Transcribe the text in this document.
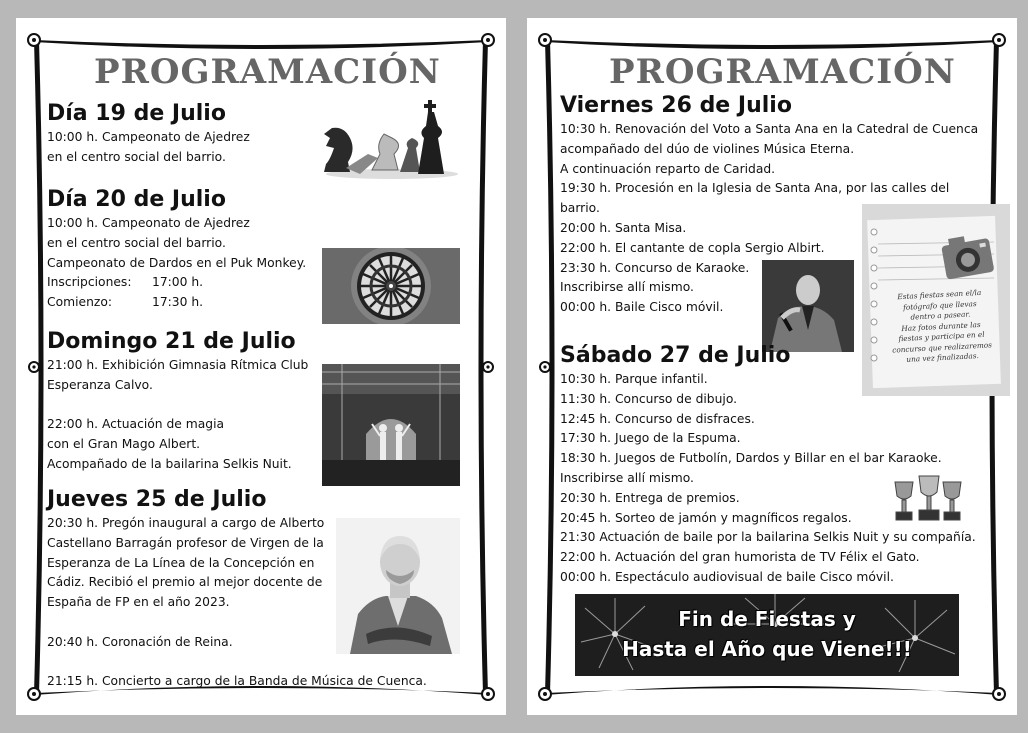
PROGRAMACIÓN
Día 19 de Julio

10:00 h. Campeonato de Ajedrez

en el centro social del barrio.

Día 20 de Julio

10:00 h. Campeonato de Ajedrez

en el centro social del barrio.

Campeonato de Dardos en el Puk Monkey.

Inscripciones: 17:00 h.

Comienzo:	17:30 h.

Domingo 21 de Julio

21:00 h. Exhibición Gimnasia Rítmica Club

Esperanza Calvo.

22:00 h. Actuación de magia

con el Gran Mago Albert.

Acompañado de la bailarina Selkis Nuit.

Jueves 25 de Julio

20:30 h. Pregón inaugural a cargo de Alberto

Castellano Barragán profesor de Virgen de la

Esperanza de La Línea de la Concepción en

Cádiz. Recibió el premio al mejor docente de

España de FP en el año 2023.

20:40 h. Coronación de Reina.

21:15 h. Concierto a cargo de la Banda de Música de Cuenca.

PROGRAMACIÓN
Estas fiestas sean el/la
fotógrafo que llevas
dentro a pasear.
Haz fotos durante las
fiestas y participa en el
concurso que realizaremos
una vez finalizadas.
Viernes 26 de Julio

10:30 h. Renovación del Voto a Santa Ana en la Catedral de Cuenca

acompañado del dúo de violines Música Eterna.

A continuación reparto de Caridad.

19:30 h. Procesión en la Iglesia de Santa Ana, por las calles del

barrio.

20:00 h. Santa Misa.

22:00 h. El cantante de copla Sergio Albirt.

23:30 h. Concurso de Karaoke.

Inscribirse allí mismo.

00:00 h. Baile Cisco móvil.

Sábado 27 de Julio

10:30 h. Parque infantil.

11:30 h. Concurso de dibujo.

12:45 h. Concurso de disfraces.

17:30 h. Juego de la Espuma.

18:30 h. Juegos de Futbolín, Dardos y Billar en el bar Karaoke.

Inscribirse allí mismo.

20:30 h. Entrega de premios.

20:45 h. Sorteo de jamón y magníficos regalos.

21:30 Actuación de baile por la bailarina Selkis Nuit y su compañía.

22:00 h. Actuación del gran humorista de TV Félix el Gato.

00:00 h. Espectáculo audiovisual de baile Cisco móvil.

Fin de Fiestas y
Hasta el Año que Viene!!!
